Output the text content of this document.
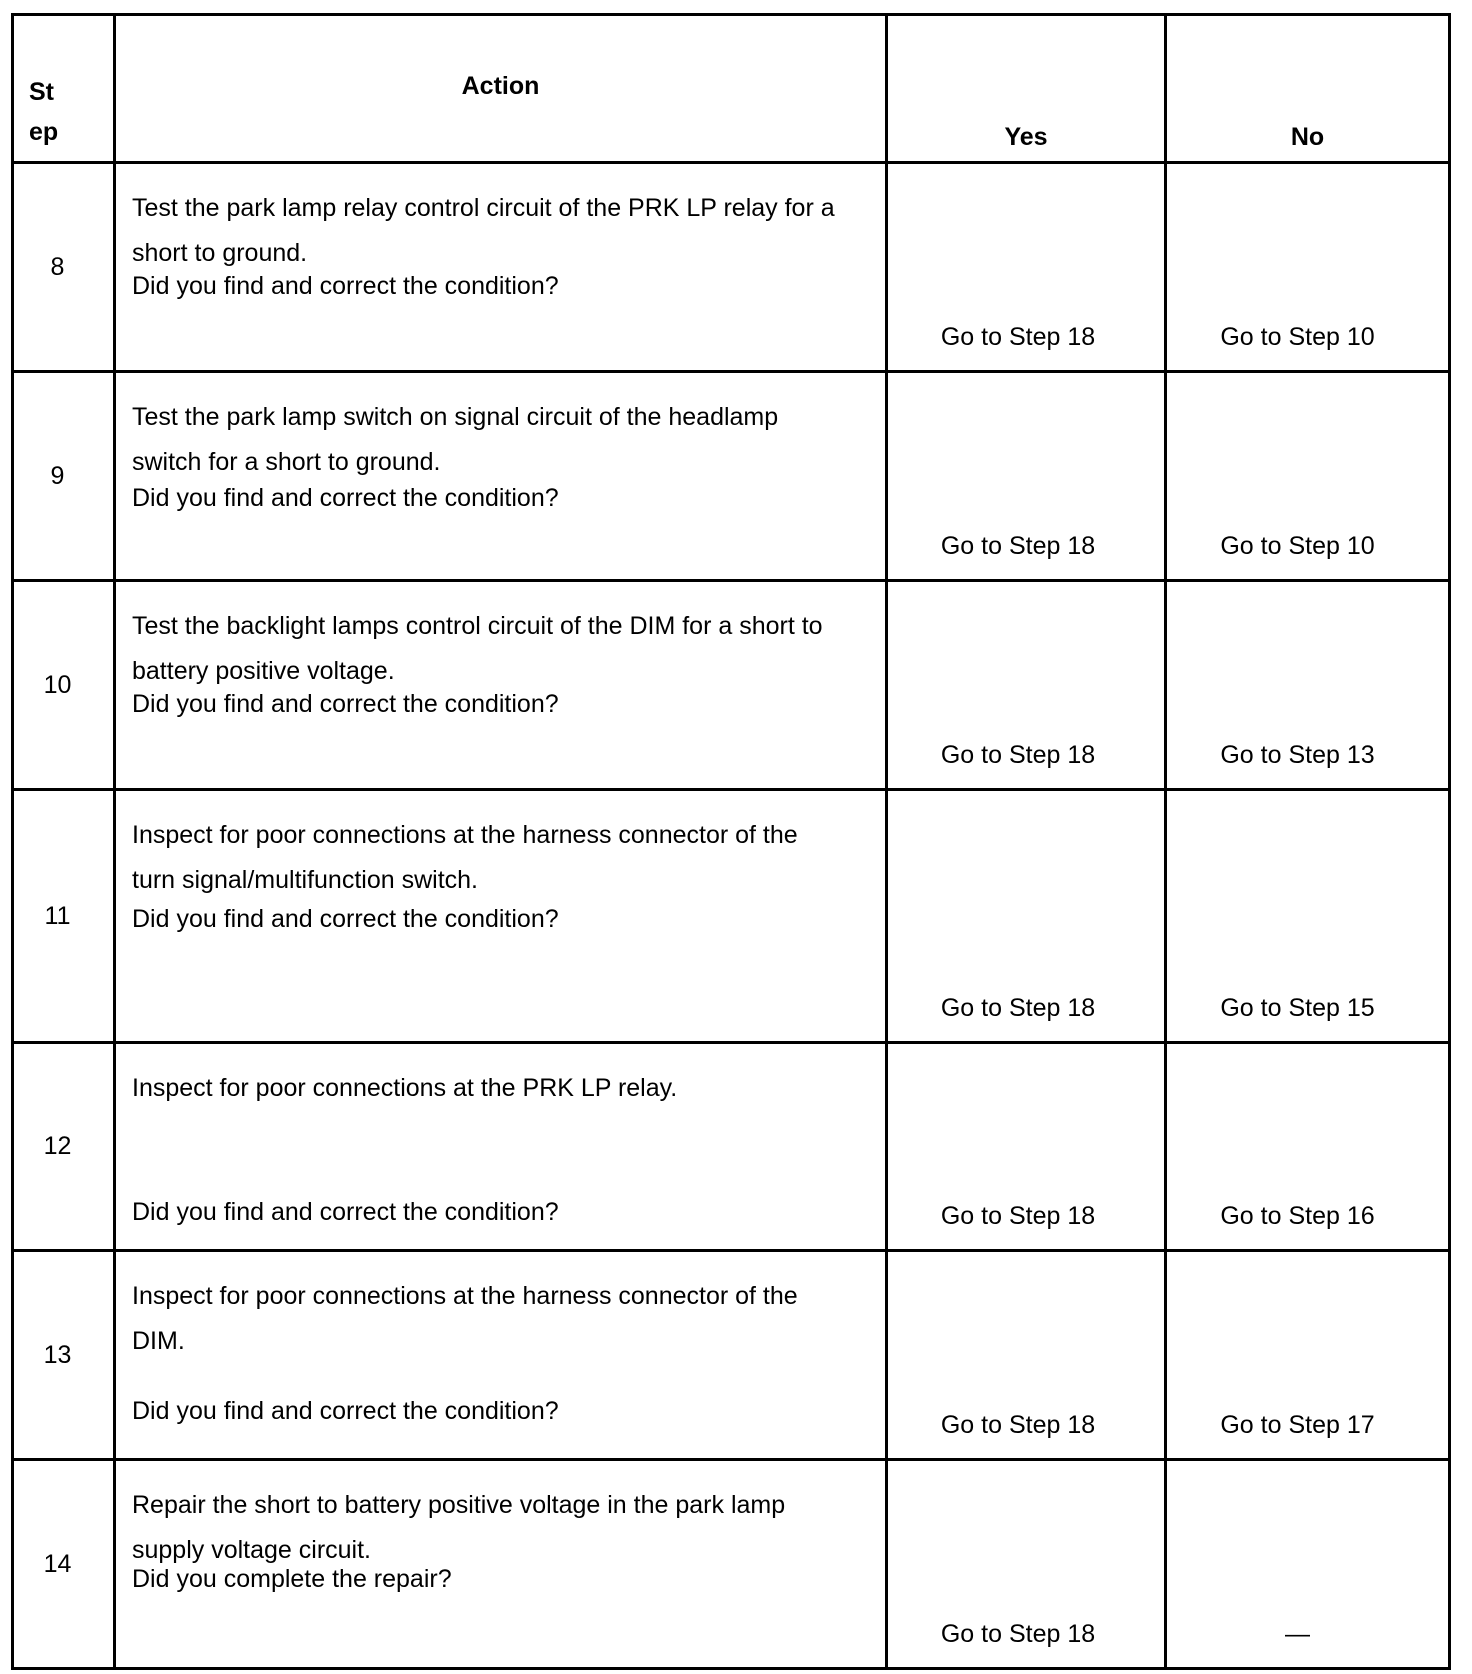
St
ep	Action	Yes	No

8	Test the park lamp relay control circuit of the PRK LP relay for a short to ground.
Did you find and correct the condition?	Go to Step 18	Go to Step 10

9	Test the park lamp switch on signal circuit of the headlamp switch for a short to ground.
Did you find and correct the condition?	Go to Step 18	Go to Step 10

10	Test the backlight lamps control circuit of the DIM for a short to battery positive voltage.
Did you find and correct the condition?	Go to Step 18	Go to Step 13

11	Inspect for poor connections at the harness connector of the turn signal/multifunction switch.
Did you find and correct the condition?	Go to Step 18	Go to Step 15

12	Inspect for poor connections at the PRK LP relay.
Did you find and correct the condition?	Go to Step 18	Go to Step 16

13	Inspect for poor connections at the harness connector of the DIM.
Did you find and correct the condition?	Go to Step 18	Go to Step 17

14	Repair the short to battery positive voltage in the park lamp supply voltage circuit.
Did you complete the repair?	Go to Step 18	—
